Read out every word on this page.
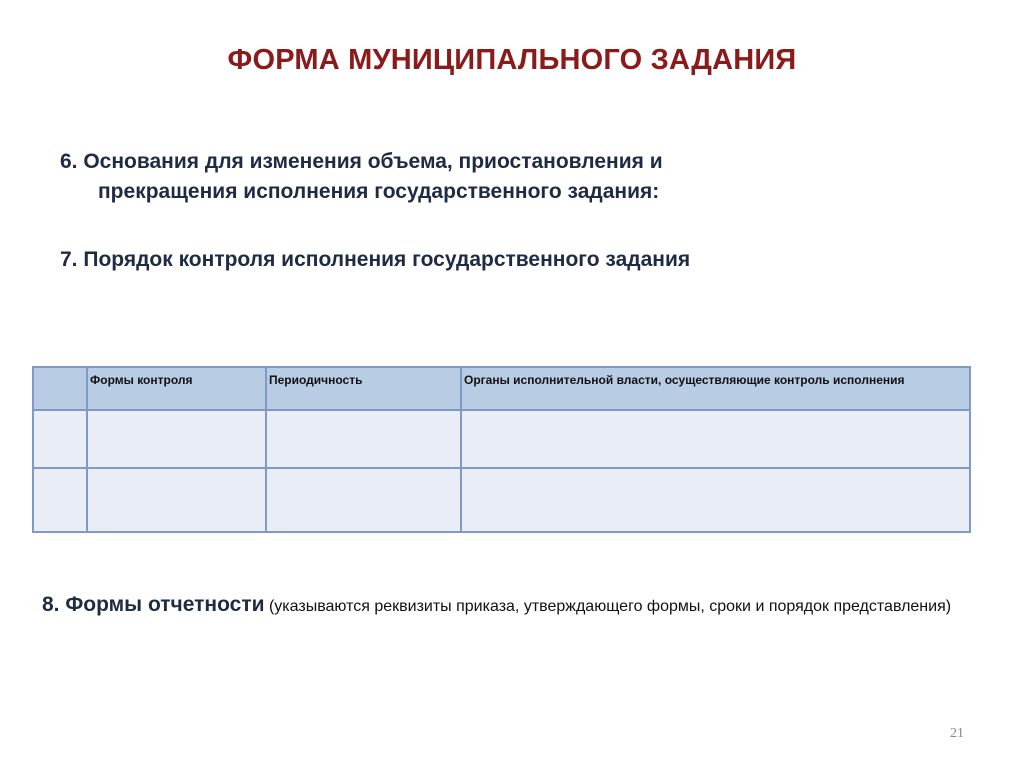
ФОРМА МУНИЦИПАЛЬНОГО ЗАДАНИЯ
6. Основания для изменения объема, приостановления и
прекращения исполнения государственного задания:
7. Порядок контроля исполнения государственного задания
	Формы контроля	Периодичность	Органы исполнительной власти, осуществляющие контроль исполнения

8. Формы отчетности (указываются реквизиты приказа, утверждающего формы, сроки и порядок представления)
21
